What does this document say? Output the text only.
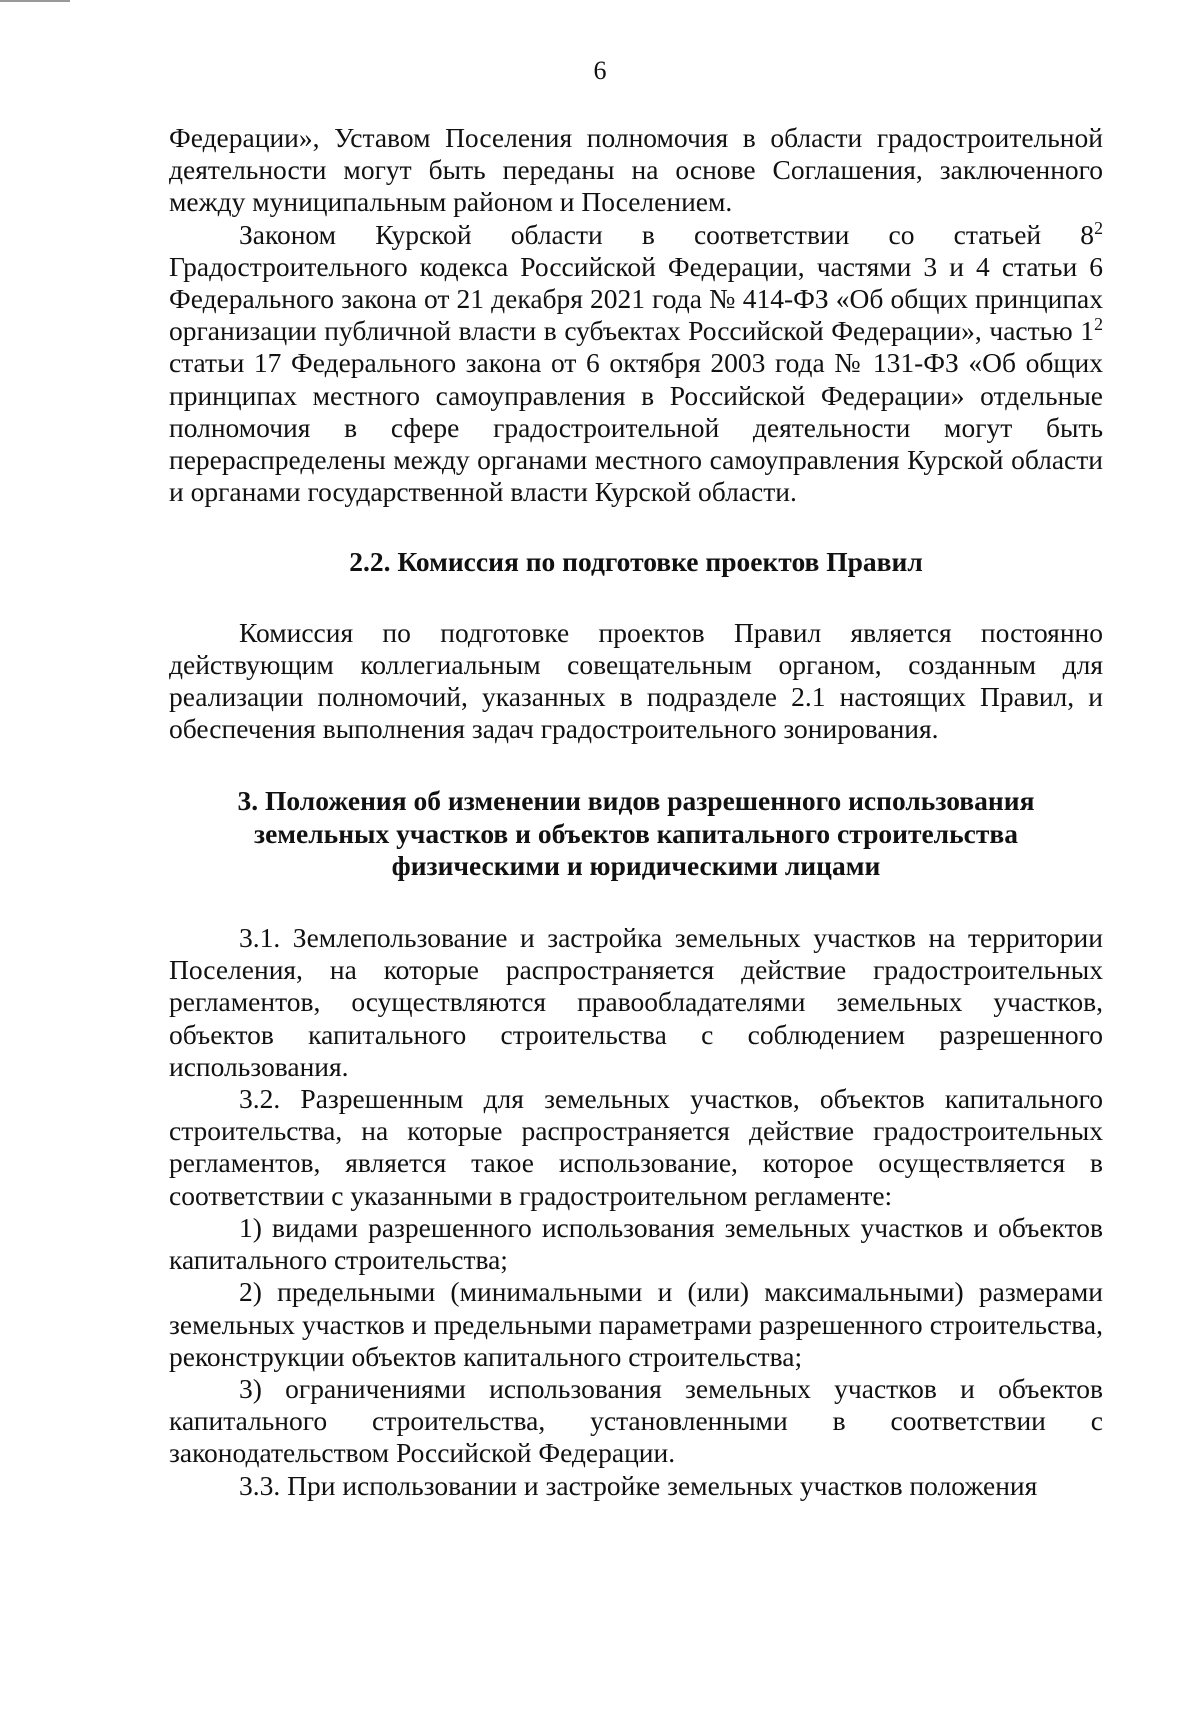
6

Федерации», Уставом Поселения полномочия в области градостроительной деятельности могут быть переданы на основе Соглашения, заключенного между муниципальным районом и Поселением.

Законом Курской области в соответствии со статьей $8^2$ Градостроительного кодекса Российской Федерации, частями 3 и 4 статьи 6 Федерального закона от 21 декабря 2021 года № 414-ФЗ «Об общих принципах организации публичной власти в субъектах Российской Федерации», частью $1^2$ статьи 17 Федерального закона от 6 октября 2003 года № 131-ФЗ «Об общих принципах местного самоуправления в Российской Федерации» отдельные полномочия в сфере градостроительной деятельности могут быть перераспределены между органами местного самоуправления Курской области и органами государственной власти Курской области.

2.2. Комиссия по подготовке проектов Правил

Комиссия по подготовке проектов Правил является постоянно действующим коллегиальным совещательным органом, созданным для реализации полномочий, указанных в подразделе 2.1 настоящих Правил, и обеспечения выполнения задач градостроительного зонирования.

3. Положения об изменении видов разрешенного использования

земельных участков и объектов капитального строительства

физическими и юридическими лицами

3.1. Землепользование и застройка земельных участков на территории Поселения, на которые распространяется действие градостроительных регламентов, осуществляются правообладателями земельных участков, объектов капитального строительства с соблюдением разрешенного использования.

3.2. Разрешенным для земельных участков, объектов капитального строительства, на которые распространяется действие градостроительных регламентов, является такое использование, которое осуществляется в соответствии с указанными в градостроительном регламенте:

1) видами разрешенного использования земельных участков и объектов капитального строительства;

2) предельными (минимальными и (или) максимальными) размерами земельных участков и предельными параметрами разрешенного строительства, реконструкции объектов капитального строительства;

3) ограничениями использования земельных участков и объектов капитального строительства, установленными в соответствии с законодательством Российской Федерации.

3.3. При использовании и застройке земельных участков положения
